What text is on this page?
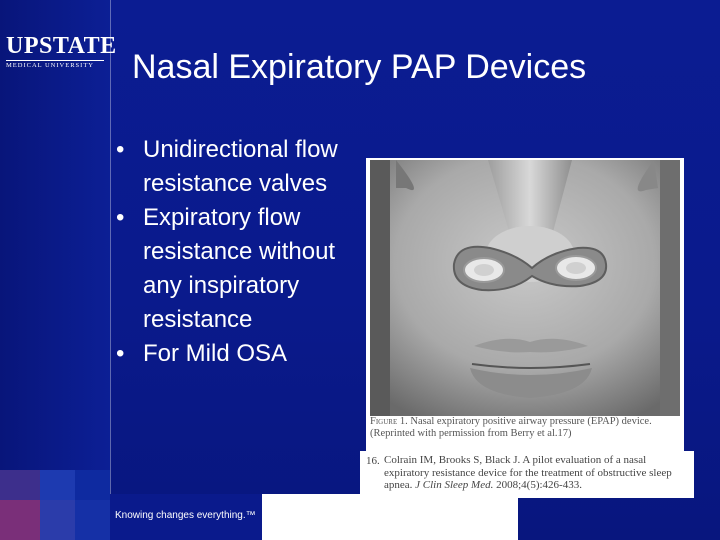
UPSTATE
MEDICAL UNIVERSITY	Nasal Expiratory PAP Devices

• Unidirectional flow resistance valves

• Expiratory flow resistance without any inspiratory resistance

• For Mild OSA

Figure 1. Nasal expiratory positive airway pressure (EPAP) device. (Reprinted with permission from Berry et al.17)
16. Colrain IM, Brooks S, Black J. A pilot evaluation of a nasal expiratory resistance device for the treatment of obstructive sleep apnea. J Clin Sleep Med. 2008;4(5):426-433.
Knowing changes everything.™
